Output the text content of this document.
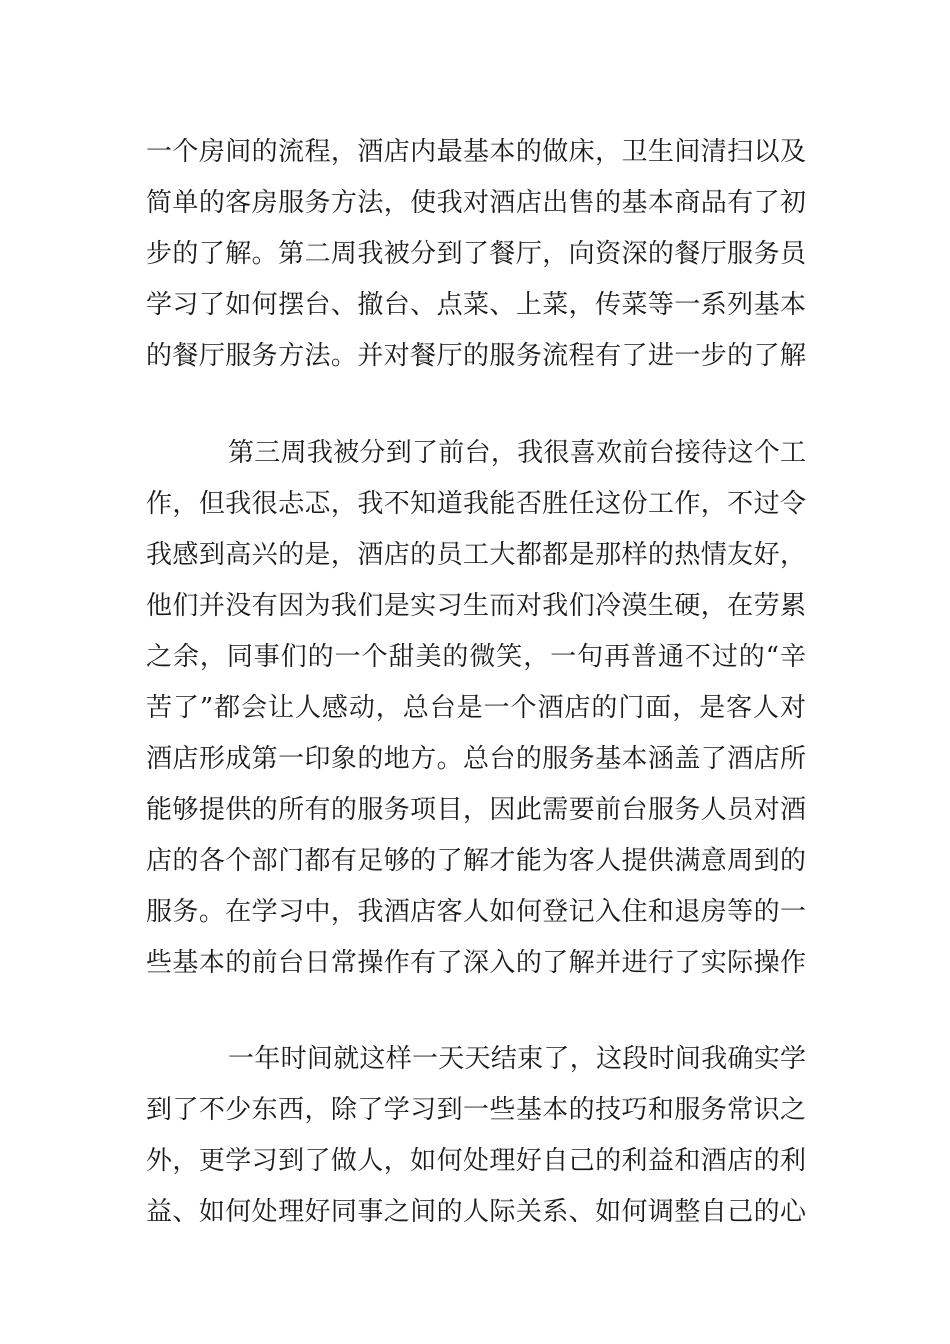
一个房间的流程，酒店内最基本的做床，卫生间清扫以及
简单的客房服务方法，使我对酒店出售的基本商品有了初
步的了解。第二周我被分到了餐厅，向资深的餐厅服务员
学习了如何摆台、撤台、点菜、上菜，传菜等一系列基本
的餐厅服务方法。并对餐厅的服务流程有了进一步的了解
第三周我被分到了前台，我很喜欢前台接待这个工
作，但我很忐忑，我不知道我能否胜任这份工作，不过令
我感到高兴的是，酒店的员工大都都是那样的热情友好，
他们并没有因为我们是实习生而对我们冷漠生硬，在劳累
之余，同事们的一个甜美的微笑，一句再普通不过的“辛
苦了”都会让人感动，总台是一个酒店的门面，是客人对
酒店形成第一印象的地方。总台的服务基本涵盖了酒店所
能够提供的所有的服务项目，因此需要前台服务人员对酒
店的各个部门都有足够的了解才能为客人提供满意周到的
服务。在学习中，我酒店客人如何登记入住和退房等的一
些基本的前台日常操作有了深入的了解并进行了实际操作
一年时间就这样一天天结束了，这段时间我确实学
到了不少东西，除了学习到一些基本的技巧和服务常识之
外，更学习到了做人，如何处理好自己的利益和酒店的利
益、如何处理好同事之间的人际关系、如何调整自己的心
